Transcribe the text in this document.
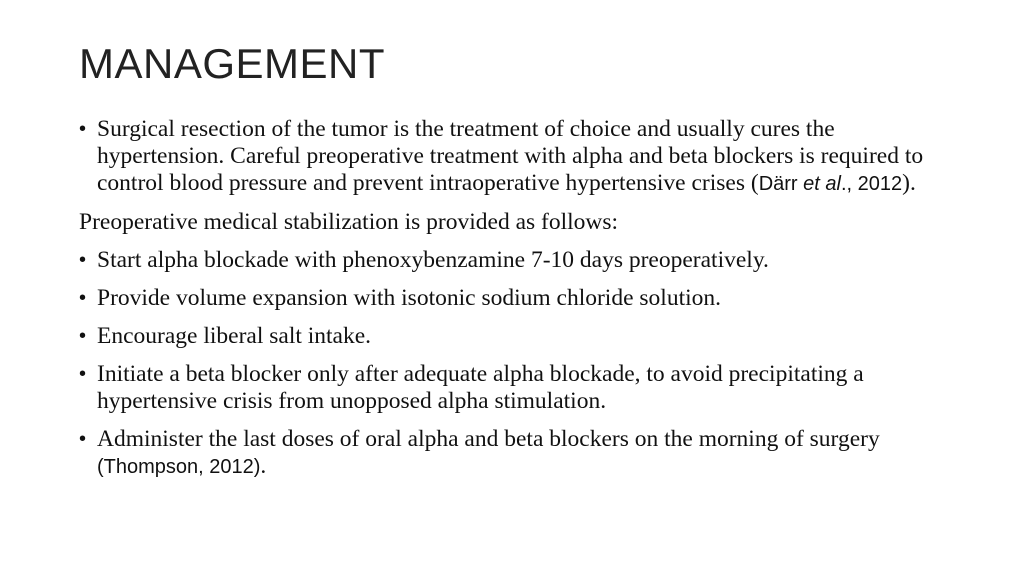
MANAGEMENT
• Surgical resection of the tumor is the treatment of choice and usually cures the hypertension. Careful preoperative treatment with alpha and beta blockers is required to control blood pressure and prevent intraoperative hypertensive crises (Därr et al., 2012).
Preoperative medical stabilization is provided as follows:
• Start alpha blockade with phenoxybenzamine 7-10 days preoperatively.
• Provide volume expansion with isotonic sodium chloride solution.
• Encourage liberal salt intake.
• Initiate a beta blocker only after adequate alpha blockade, to avoid precipitating a hypertensive crisis from unopposed alpha stimulation.
• Administer the last doses of oral alpha and beta blockers on the morning of surgery (Thompson, 2012).
